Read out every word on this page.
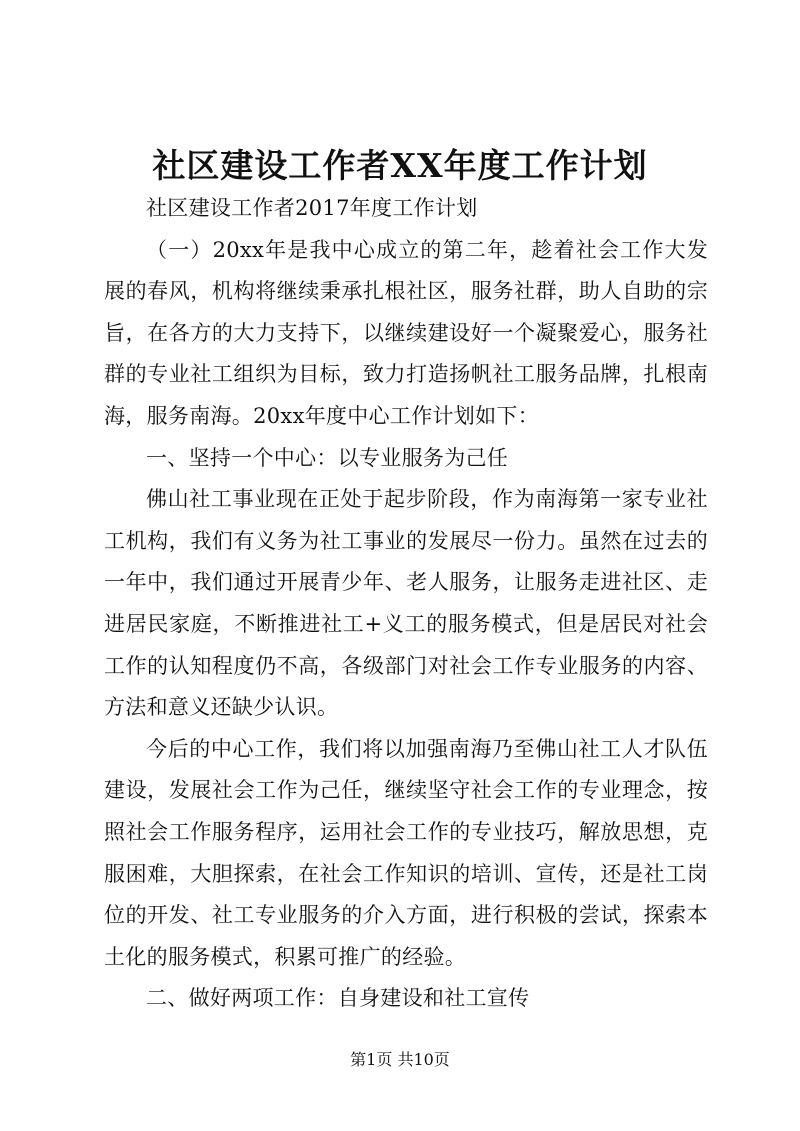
社区建设工作者XX年度工作计划

社区建设工作者2017年度工作计划

（一）20xx年是我中心成立的第二年，趁着社会工作大发展的春风，机构将继续秉承扎根社区，服务社群，助人自助的宗旨，在各方的大力支持下，以继续建设好一个凝聚爱心，服务社群的专业社工组织为目标，致力打造扬帆社工服务品牌，扎根南海，服务南海。20xx年度中心工作计划如下：

一、坚持一个中心：以专业服务为己任

佛山社工事业现在正处于起步阶段，作为南海第一家专业社工机构，我们有义务为社工事业的发展尽一份力。虽然在过去的一年中，我们通过开展青少年、老人服务，让服务走进社区、走进居民家庭，不断推进社工+义工的服务模式，但是居民对社会工作的认知程度仍不高，各级部门对社会工作专业服务的内容、方法和意义还缺少认识。

今后的中心工作，我们将以加强南海乃至佛山社工人才队伍建设，发展社会工作为己任，继续坚守社会工作的专业理念，按照社会工作服务程序，运用社会工作的专业技巧，解放思想，克服困难，大胆探索，在社会工作知识的培训、宣传，还是社工岗位的开发、社工专业服务的介入方面，进行积极的尝试，探索本土化的服务模式，积累可推广的经验。

二、做好两项工作：自身建设和社工宣传

第1页 共10页
